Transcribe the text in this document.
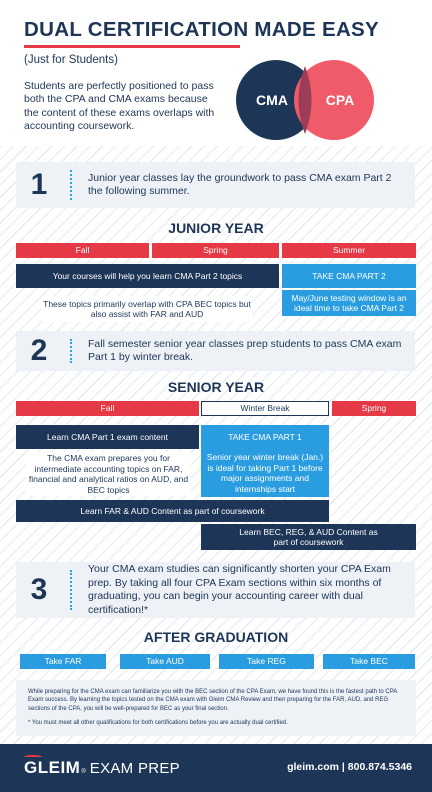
DUAL CERTIFICATION MADE EASY
(Just for Students)
Students are perfectly positioned to pass both the CPA and CMA exams because the content of these exams overlaps with accounting coursework.
CMA	CPA
1	Junior year classes lay the groundwork to pass CMA exam Part 2 the following summer.
JUNIOR YEAR
Fall	Spring	Summer
Your courses will help you learn CMA Part 2 topics	TAKE CMA PART 2
These topics primarily overlap with CPA BEC topics but also assist with FAR and AUD
May/June testing window is an ideal time to take CMA Part 2
2	Fall semester senior year classes prep students to pass CMA exam Part 1 by winter break.
SENIOR YEAR
Fall	Winter Break	Spring
Learn CMA Part 1 exam content	TAKE CMA PART 1
The CMA exam prepares you for intermediate accounting topics on FAR, financial and analytical ratios on AUD, and BEC topics
Senior year winter break (Jan.) is ideal for taking Part 1 before major assignments and internships start
Learn FAR & AUD Content as part of coursework
Learn BEC, REG, & AUD Content as part of coursework
3
Your CMA exam studies can significantly shorten your CPA Exam prep. By taking all four CPA Exam sections within six months of graduating, you can begin your accounting career with dual certification!*
AFTER GRADUATION
Take FAR	Take AUD	Take REG	Take BEC
While preparing for the CMA exam can familiarize you with the BEC section of the CPA Exam, we have found this is the fastest path to CPA Exam success. By learning the topics tested on the CMA exam with Gleim CMA Review and then preparing for the FAR, AUD, and REG sections of the CPA, you will be well-prepared for BEC as your final section.
* You must meet all other qualifications for both certifications before you are actually dual certified.
GLEIM ® EXAM PREP	gleim.com | 800.874.5346
